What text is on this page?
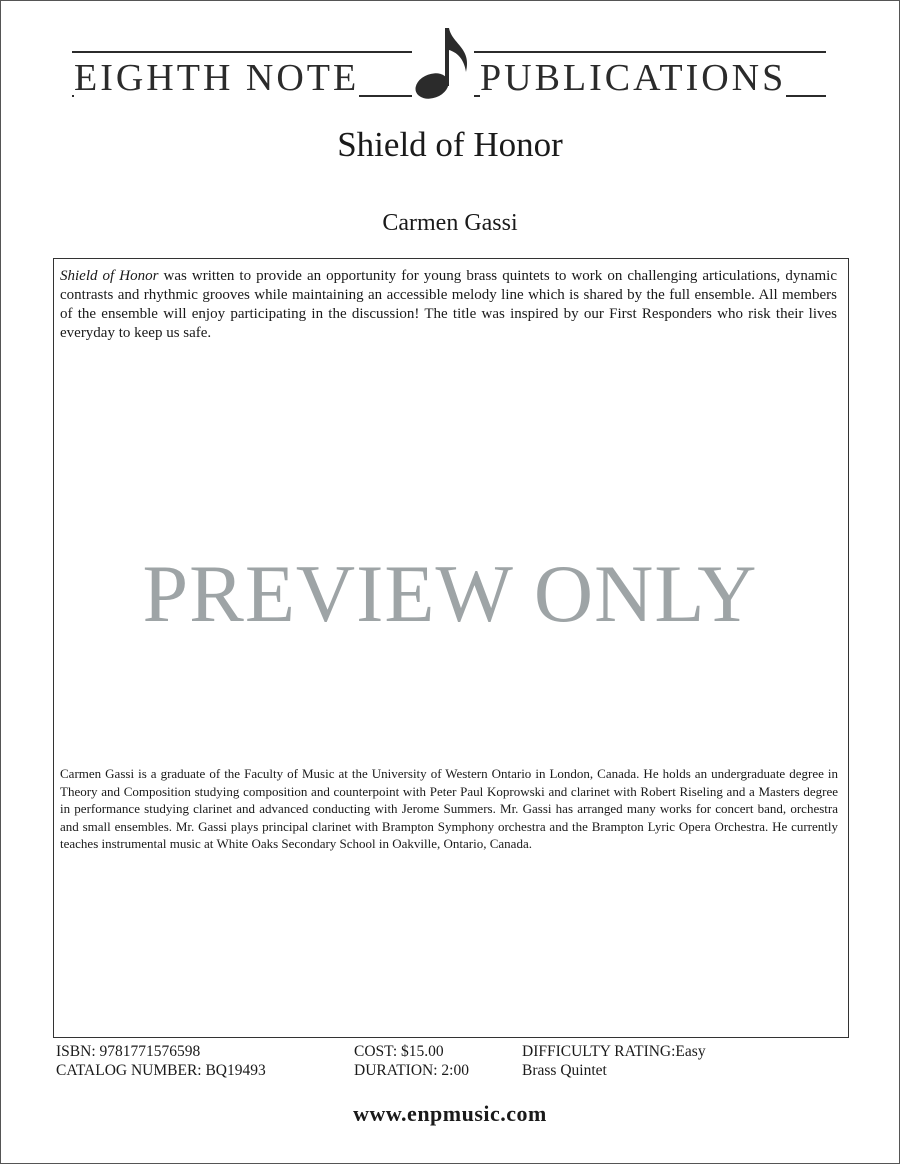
EIGHTH NOTE	PUBLICATIONS
Shield of Honor
Carmen Gassi

Shield of Honor was written to provide an opportunity for young brass quintets to work on challenging articulations, dynamic contrasts and rhythmic grooves while maintaining an accessible melody line which is shared by the full ensemble. All members of the ensemble will enjoy participating in the discussion! The title was inspired by our First Responders who risk their lives everyday to keep us safe.

PREVIEW ONLY

Carmen Gassi is a graduate of the Faculty of Music at the University of Western Ontario in London, Canada. He holds an undergraduate degree in Theory and Composition studying composition and counterpoint with Peter Paul Koprowski and clarinet with Robert Riseling and a Masters degree in performance studying clarinet and advanced conducting with Jerome Summers. Mr. Gassi has arranged many works for concert band, orchestra and small ensembles. Mr. Gassi plays principal clarinet with Brampton Symphony orchestra and the Brampton Lyric Opera Orchestra. He currently teaches instrumental music at White Oaks Secondary School in Oakville, Ontario, Canada.

ISBN: 9781771576598
CATALOG NUMBER: BQ19493
COST: $15.00
DURATION: 2:00
DIFFICULTY RATING:Easy
Brass Quintet
www.enpmusic.com
